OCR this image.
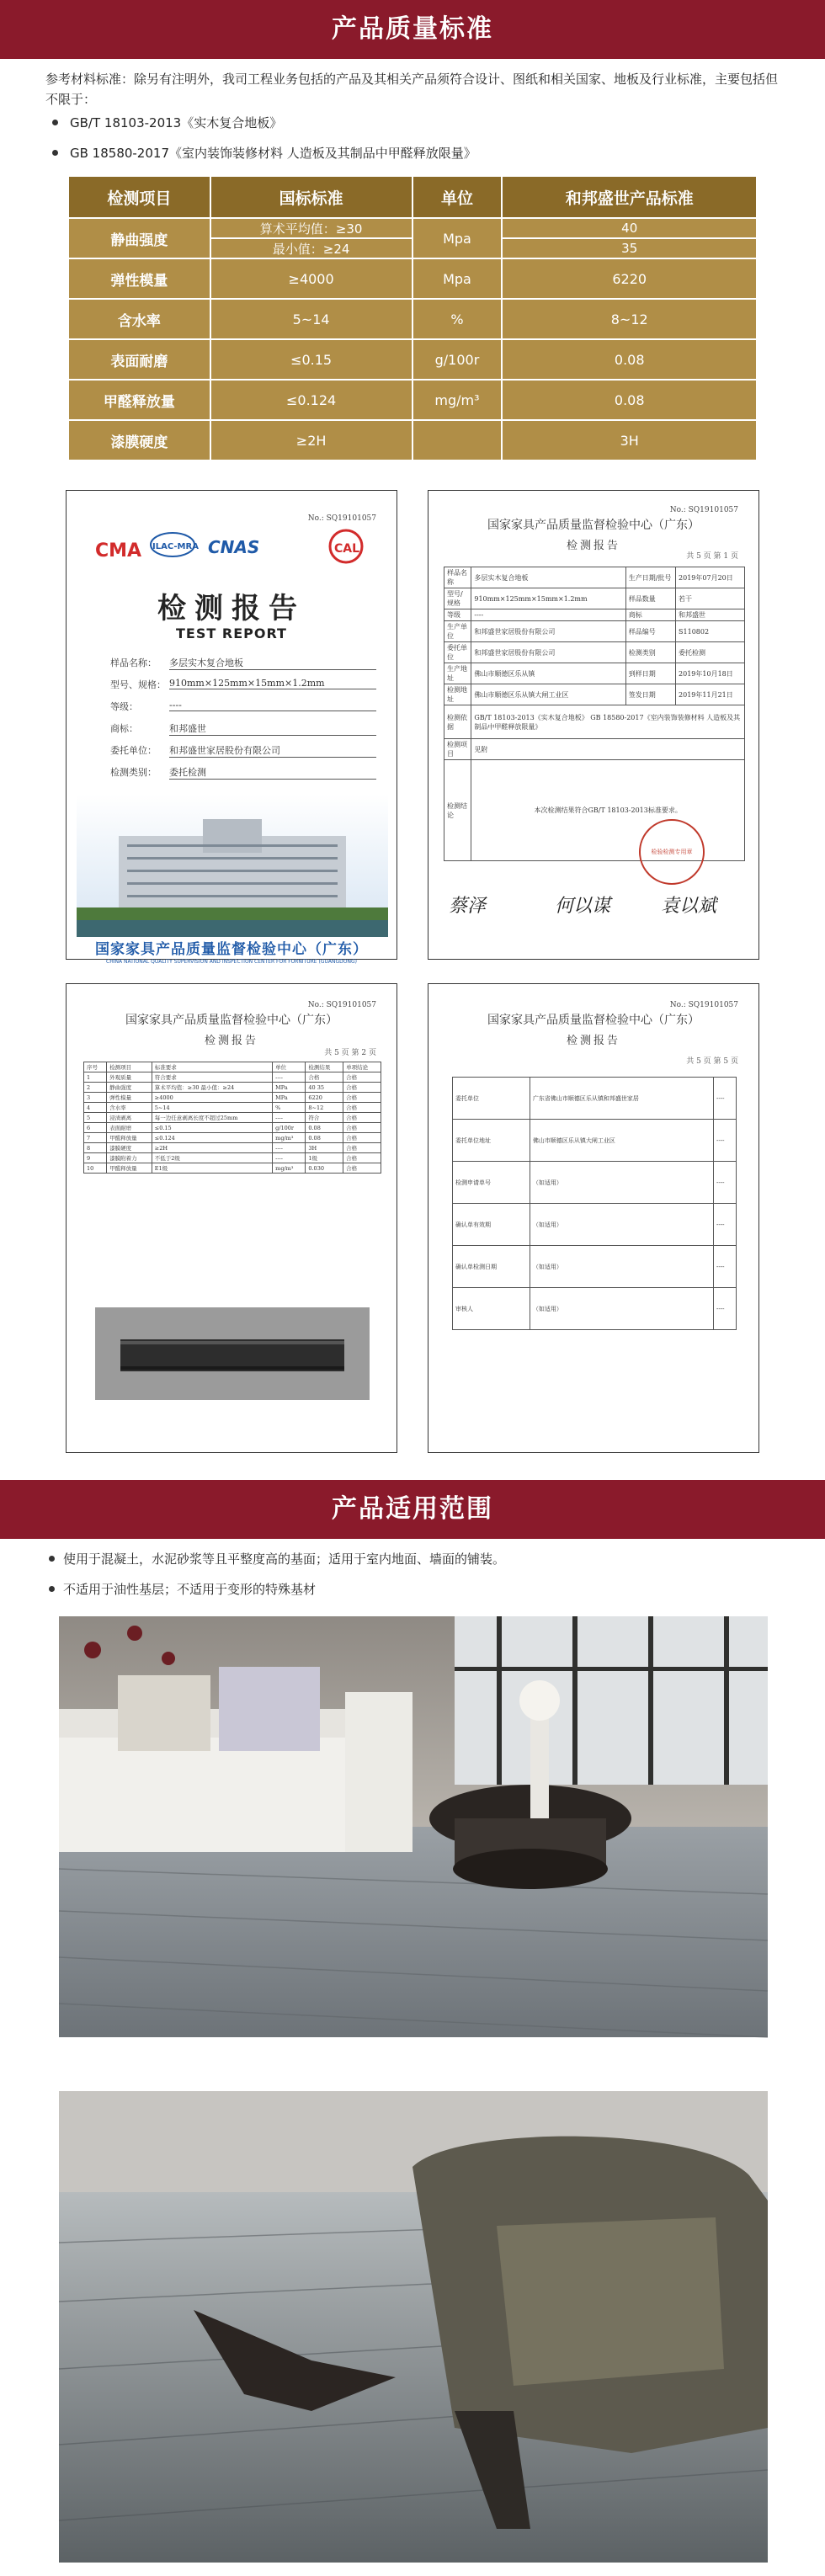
产品质量标准
参考材料标准：除另有注明外，我司工程业务包括的产品及其相关产品须符合设计、图纸和相关国家、地板及行业标准，主要包括但不限于：
GB/T 18103-2013《实木复合地板》
GB 18580-2017《室内装饰装修材料 人造板及其制品中甲醛释放限量》
检测项目	国标标准	单位	和邦盛世产品标准
静曲强度	算术平均值：≥30	Mpa	40
	最小值：≥24		35
弹性模量	≥4000	Mpa	6220
含水率	5~14	%	8~12
表面耐磨	≤0.15	g/100r	0.08
甲醛释放量	≤0.124	mg/m³	0.08
漆膜硬度	≥2H		3H
No.: SQ19101057
CMA ILAC-MRA CNAS	CAL
检测报告
TEST REPORT
样品名称： 多层实木复合地板
型号、规格： 910mm×125mm×15mm×1.2mm
等级：	----
商标：	和邦盛世
委托单位： 和邦盛世家居股份有限公司
检测类别： 委托检测
国家家具产品质量监督检验中心（广东）
CHINA NATIONAL QUALITY SUPERVISION AND INSPECTION CENTER FOR FURNITURE (GUANGDONG)
No.: SQ19101057
国家家具产品质量监督检验中心（广东）
检测报告
共 5 页 第 1 页
样品名称	多层实木复合地板	生产日期/批号	2019年07月20日
型号/规格	910mm×125mm×15mm×1.2mm	样品数量	若干
等级	----	商标	和邦盛世
生产单位	和邦盛世家居股份有限公司	样品编号	S110802
委托单位	和邦盛世家居股份有限公司	检测类别	委托检测
生产地址	佛山市顺德区乐从镇	到样日期	2019年10月18日
检测地址	佛山市顺德区乐从镇大闸工业区	签发日期	2019年11月21日
检测依据	GB/T 18103-2013《实木复合地板》 GB 18580-2017《室内装饰装修材料 人造板及其制品中甲醛释放限量》		
检测项目	见附		
检测结论	本次检测结果符合GB/T 18103-2013标准要求。		
检验检测专用章
蔡泽	何以谋	袁以斌
No.: SQ19101057
国家家具产品质量监督检验中心（广东）
检测报告
共 5 页 第 2 页
序号	检测项目	标准要求	单位	检测结果	单项结论
1	外观质量	符合要求	----	合格	合格
2	静曲强度	算术平均值：≥30 最小值：≥24	MPa	40 35	合格
3	弹性模量	≥4000	MPa	6220	合格
4	含水率	5~14	%	8~12	合格
5	浸渍剥离	每一边任意剥离长度不超过25mm	----	符合	合格
6	表面耐磨	≤0.15	g/100r	0.08	合格
7	甲醛释放量	≤0.124	mg/m³	0.08	合格
8	漆膜硬度	≥2H	----	3H	合格
9	漆膜附着力	不低于2级	----	1级	合格
10	甲醛释放量	E1级	mg/m³	0.030	合格
No.: SQ19101057
国家家具产品质量监督检验中心（广东）
检测报告
共 5 页 第 5 页
委托单位	广东省佛山市顺德区乐从镇和邦盛世家居	----
委托单位地址	佛山市顺德区乐从镇大闸工业区	----
检测申请单号	（如适用）	----
确认单有效期	（如适用）	----
确认单检测日期	（如适用）	----
审核人	（如适用）	----
产品适用范围
使用于混凝土，水泥砂浆等且平整度高的基面；适用于室内地面、墙面的铺装。
不适用于油性基层；不适用于变形的特殊基材
